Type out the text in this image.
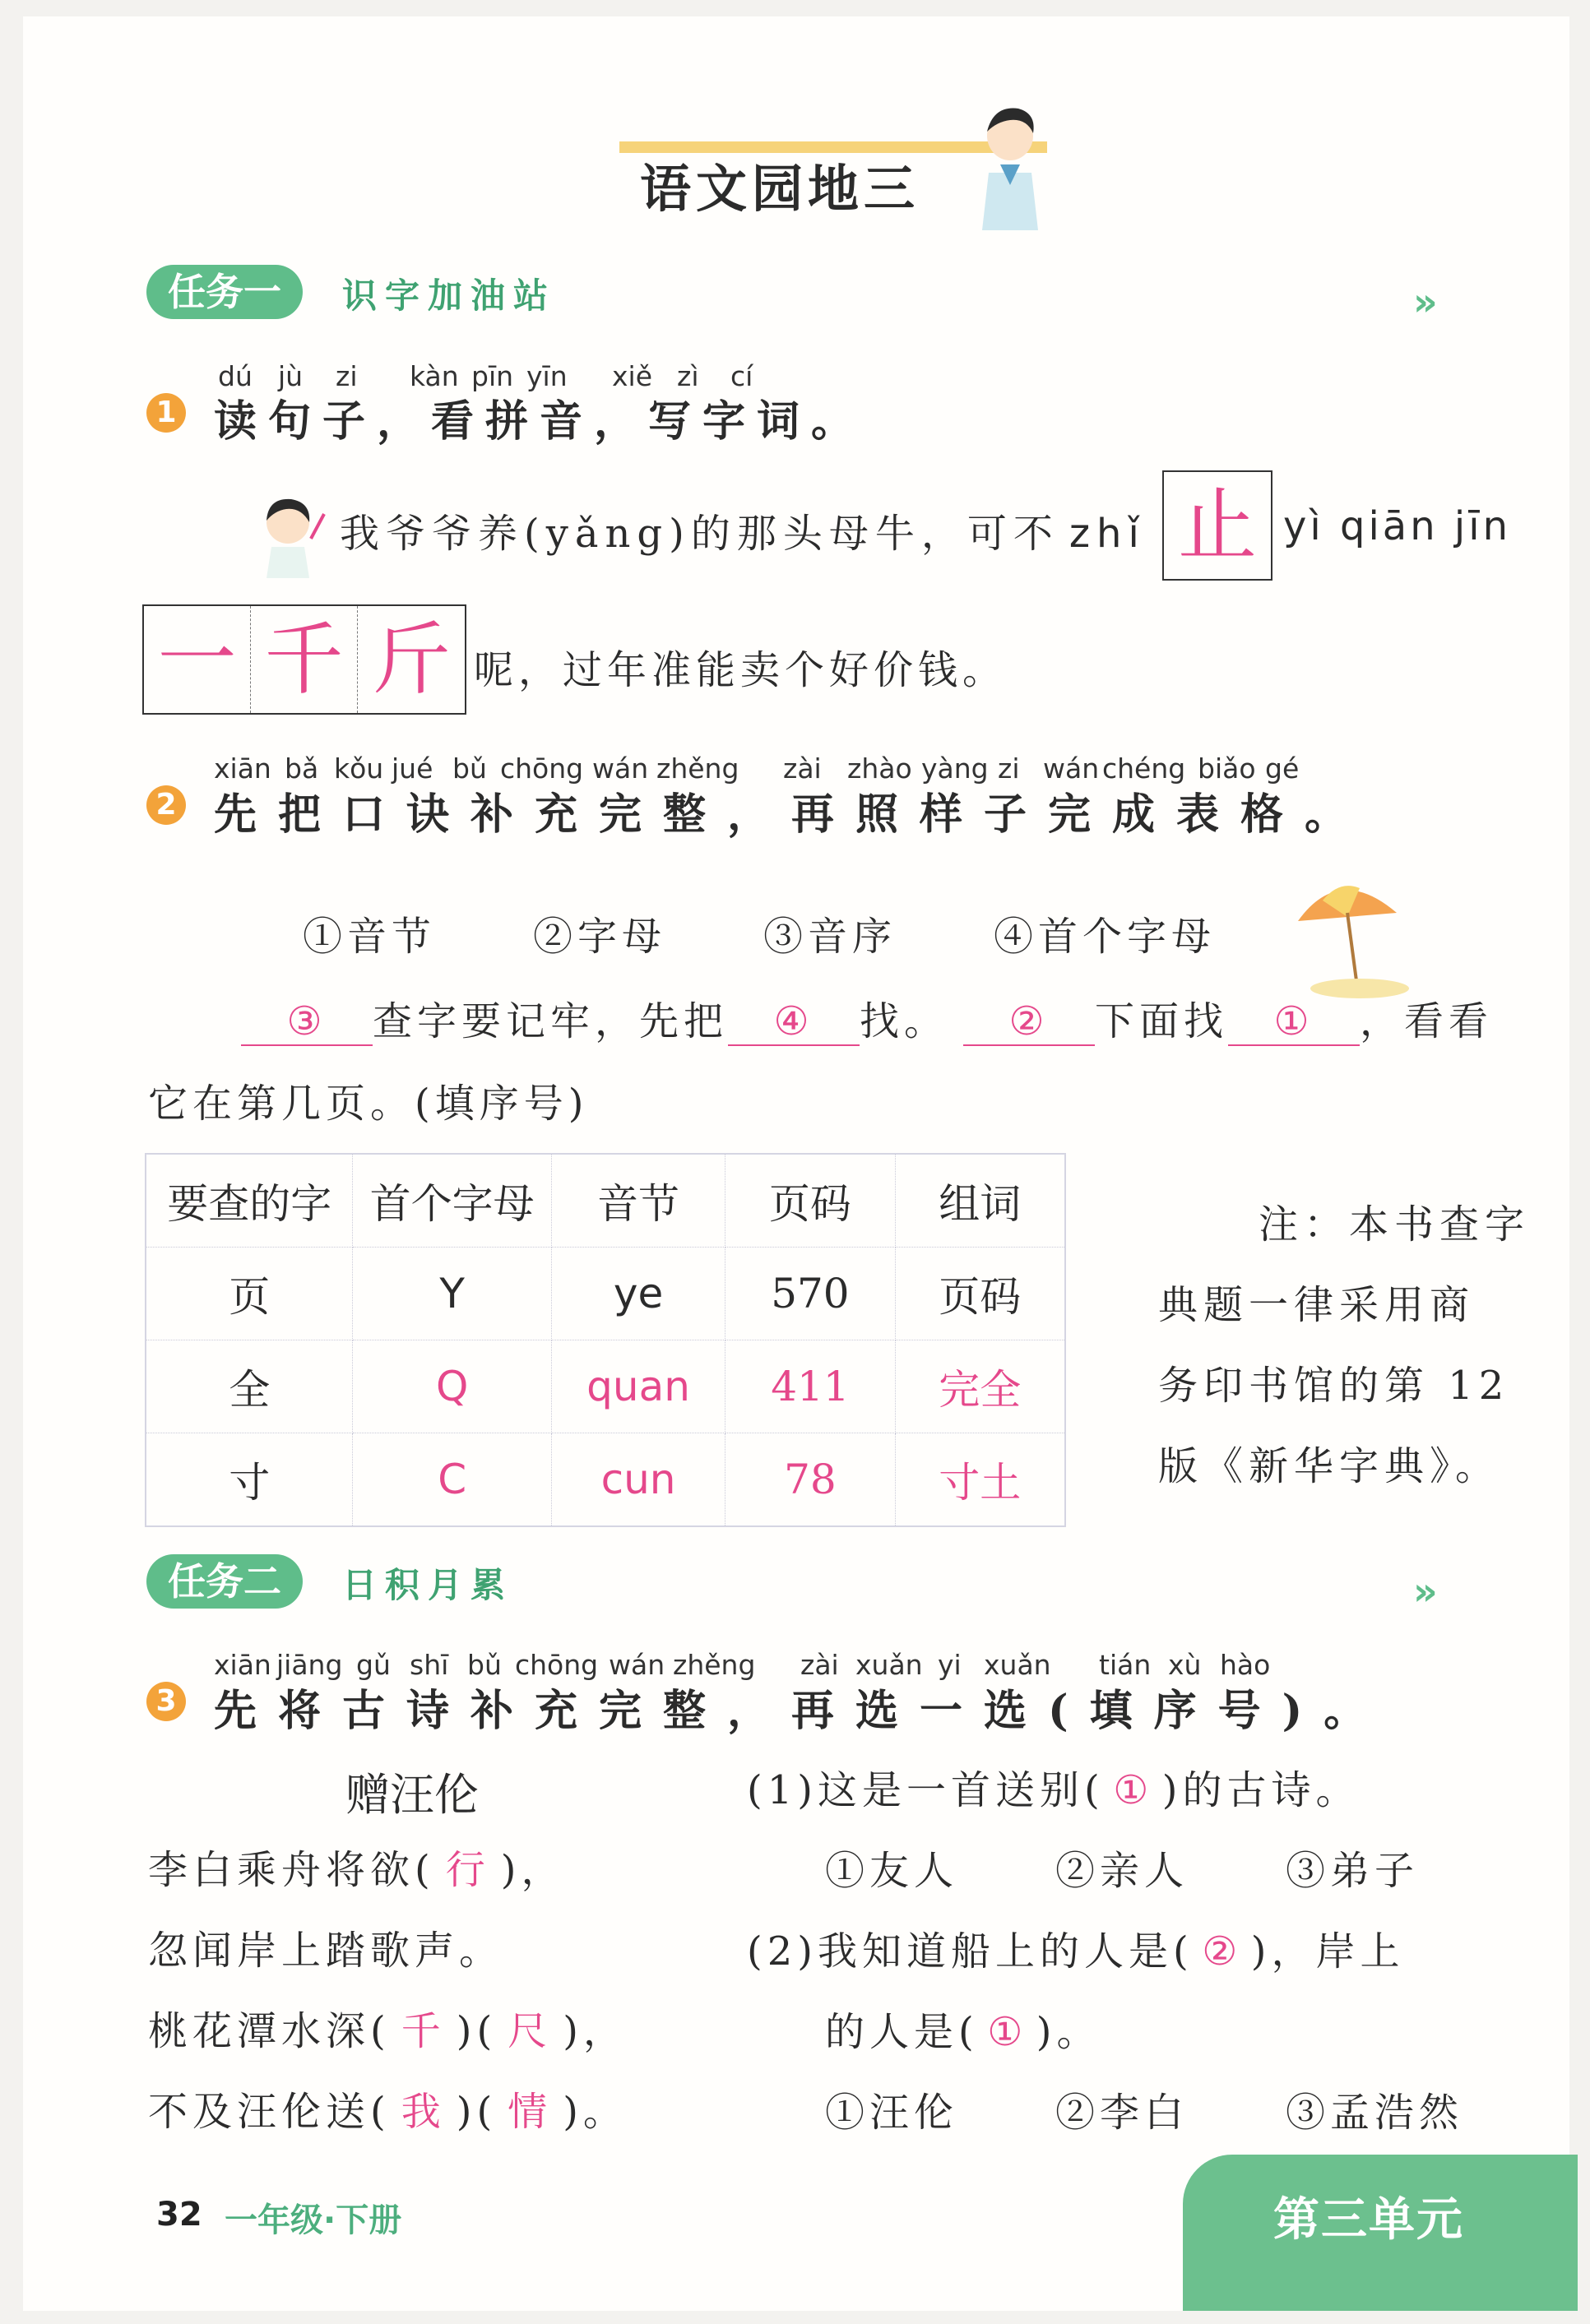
语文园地三
任务一	识字加油站	»
dú jù zi kàn pīn yīn xiě zì cí
1 读句子，看拼音，写字词。
我爷爷养(yǎng)的那头母牛，可不 zhǐ 止 yì qiān jīn
一 千 斤 呢，过年准能卖个好价钱。
xiān bǎ kǒu jué bǔ chōng wán zhěng zài zhào yàng zi wán chéng biǎo gé
2 先把口诀补充完整，再照样子完成表格。
①音节 ②字母 ③音序 ④首个字母
③ 查字要记牢，先把 ④ 找。 ② 下面找 ① ，看看
它在第几页。(填序号)
要查的字	首个字母	音节	页码	组词
页	Y	ye	570	页码
全	Q	quan	411	完全
寸	C	cun	78	寸土
注：本书查字
典题一律采用商
务印书馆的第 12
版《新华字典》。
任务二	日积月累	»
xiān jiāng gǔ shī bǔ chōng wán zhěng zài xuǎn yi xuǎn tián xù hào
3 先将古诗补充完整，再选一选(填序号)。
赠汪伦
李白乘舟将欲( 行 )，
忽闻岸上踏歌声。
桃花潭水深( 千 )( 尺 )，
不及汪伦送( 我 )( 情 )。
(1)这是一首送别( ① )的古诗。
①友人 ②亲人 ③弟子
(2)我知道船上的人是( ② )，岸上
的人是( ① )。
①汪伦 ②李白 ③孟浩然
32 一年级·下册	第三单元
